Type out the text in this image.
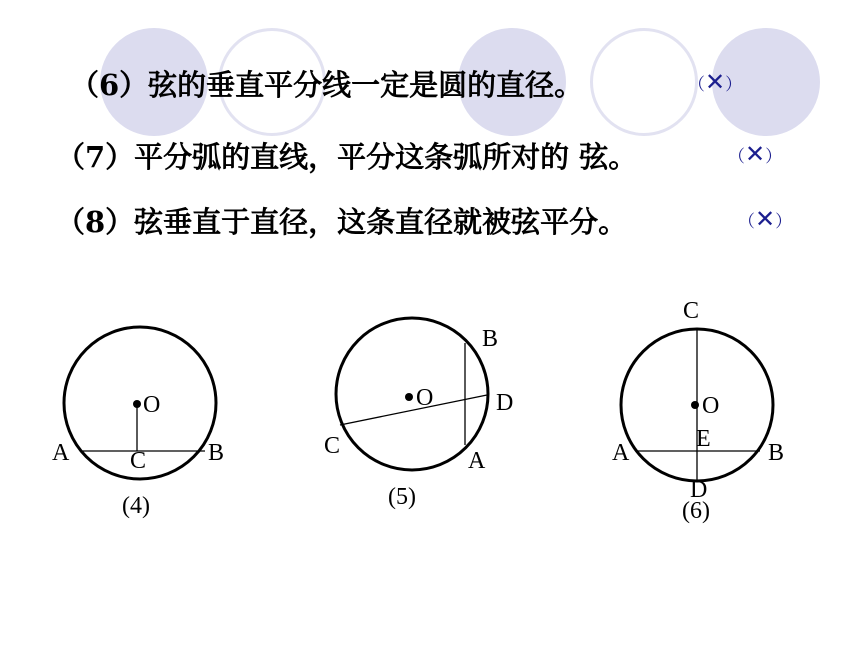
（6）弦的垂直平分线一定是圆的直径。	（✕）
（7）平分弧的直线，平分这条弧所对的 弦。	（✕）
（8）弦垂直于直径，这条直径就被弦平分。	（✕）
O
A	B
C
(4)
O
B
D
C
A
(5)
C
O
E
A	B
D
(6)
